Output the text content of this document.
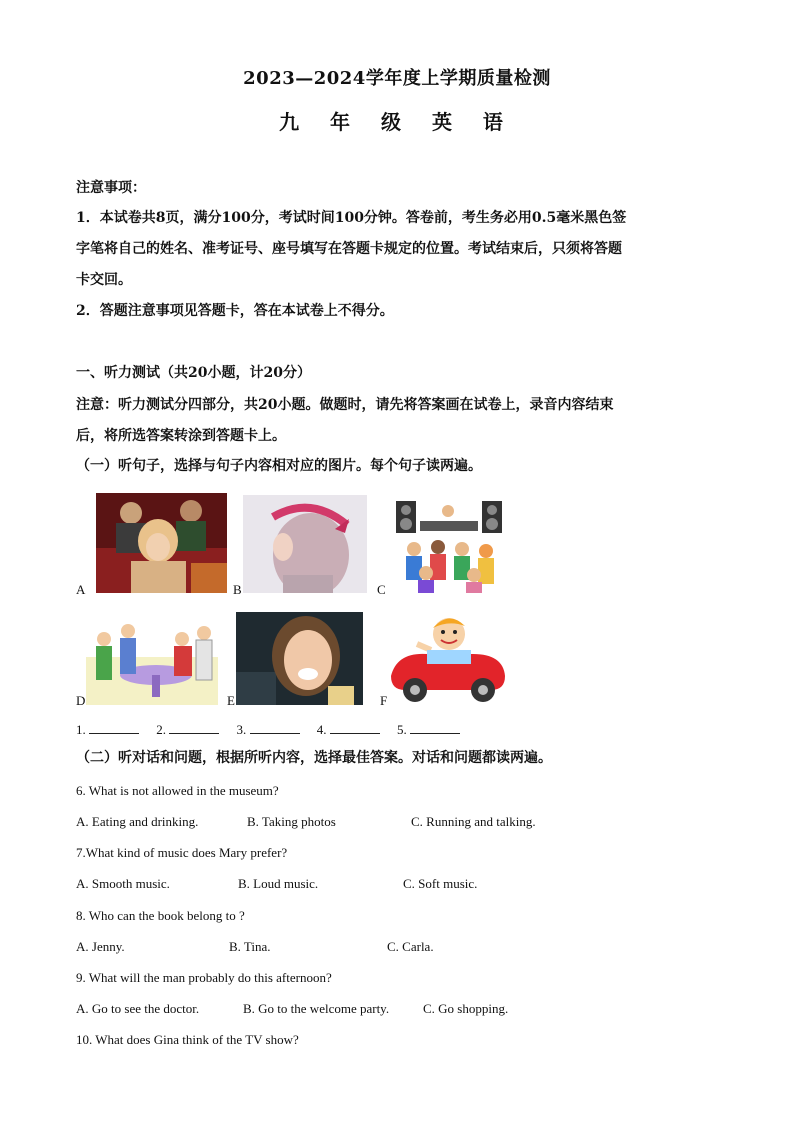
2023—2024学年度上学期质量检测
九 年 级 英 语
注意事项：
1．本试卷共8页，满分100分，考试时间100分钟。答卷前，考生务必用0.5毫米黑色签
字笔将自己的姓名、准考证号、座号填写在答题卡规定的位置。考试结束后，只须将答题
卡交回。
2．答题注意事项见答题卡，答在本试卷上不得分。
一、听力测试（共20小题，计20分）
注意：听力测试分四部分，共20小题。做题时，请先将答案画在试卷上，录音内容结束
后，将所选答案转涂到答题卡上。
（一）听句子，选择与句子内容相对应的图片。每个句子读两遍。
A	B	C
D	E	F
1.	2.	3.	4.	5.
（二）听对话和问题，根据所听内容，选择最佳答案。对话和问题都读两遍。
6. What is not allowed in the museum?
A. Eating and drinking.	B. Taking photos	C. Running and talking.
7.What kind of music does Mary prefer?
A. Smooth music.	B. Loud music.	C. Soft music.
8. Who can the book belong to ?
A. Jenny.	B. Tina.	C. Carla.
9. What will the man probably do this afternoon?
A. Go to see the doctor.	B. Go to the welcome party.	C. Go shopping.
10. What does Gina think of the TV show?
